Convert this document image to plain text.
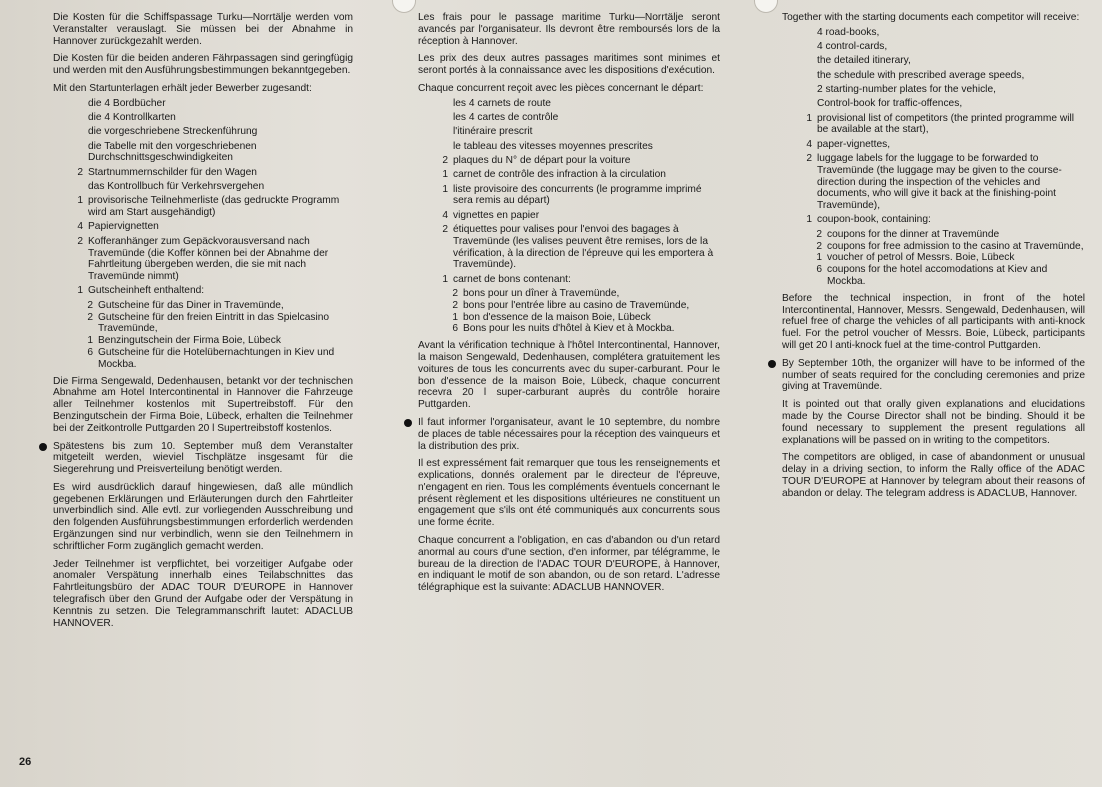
Die Kosten für die Schiffspassage Turku—Norrtälje werden vom Veranstalter verauslagt. Sie müssen bei der Abnahme in Hannover zurückgezahlt werden.

Die Kosten für die beiden anderen Fährpassagen sind geringfügig und werden mit den Ausführungsbestimmungen bekanntgegeben.

Mit den Startunterlagen erhält jeder Bewerber zugesandt:

die 4 Bordbücher
die 4 Kontrollkarten
die vorgeschriebene Streckenführung
die Tabelle mit den vorgeschriebenen Durchschnittsgeschwindigkeiten
2 Startnummernschilder für den Wagen
das Kontrollbuch für Verkehrsvergehen
1 provisorische Teilnehmerliste (das gedruckte Programm wird am Start ausgehändigt)
4 Papiervignetten
2 Kofferanhänger zum Gepäckvorausversand nach Travemünde (die Koffer können bei der Abnahme der Fahrtleitung übergeben werden, die sie mit nach Travemünde nimmt)
1 Gutscheinheft enthaltend:
2 Gutscheine für das Diner in Travemünde,
2 Gutscheine für den freien Eintritt in das Spielcasino Travemünde,
1 Benzingutschein der Firma Boie, Lübeck
6 Gutscheine für die Hotelübernachtungen in Kiev und Mockba.

Die Firma Sengewald, Dedenhausen, betankt vor der technischen Abnahme am Hotel Intercontinental in Hannover die Fahrzeuge aller Teilnehmer kostenlos mit Supertreibstoff. Für den Benzingutschein der Firma Boie, Lübeck, erhalten die Teilnehmer bei der Zeitkontrolle Puttgarden 20 l Supertreibstoff kostenlos.

Spätestens bis zum 10. September muß dem Veranstalter mitgeteilt werden, wieviel Tischplätze insgesamt für die Siegerehrung und Preisverteilung benötigt werden.

Es wird ausdrücklich darauf hingewiesen, daß alle mündlich gegebenen Erklärungen und Erläuterungen durch den Fahrtleiter unverbindlich sind. Alle evtl. zur vorliegenden Ausschreibung und den folgenden Ausführungsbestimmungen erforderlich werdenden Ergänzungen sind nur verbindlich, wenn sie den Teilnehmern in schriftlicher Form zugänglich gemacht werden.

Jeder Teilnehmer ist verpflichtet, bei vorzeitiger Aufgabe oder anomaler Verspätung innerhalb eines Teilabschnittes das Fahrtleitungsbüro der ADAC TOUR D'EUROPE in Hannover telegrafisch über den Grund der Aufgabe oder der Verspätung in Kenntnis zu setzen. Die Telegrammanschrift lautet: ADACLUB HANNOVER.

Les frais pour le passage maritime Turku—Norrtälje seront avancés par l'organisateur. Ils devront être remboursés lors de la réception à Hannover.

Les prix des deux autres passages maritimes sont minimes et seront portés à la connaissance avec les dispositions d'exécution.

Chaque concurrent reçoit avec les pièces concernant le départ:

les 4 carnets de route
les 4 cartes de contrôle
l'itinéraire prescrit
le tableau des vitesses moyennes prescrites
2 plaques du N° de départ pour la voiture
1 carnet de contrôle des infraction à la circulation
1 liste provisoire des concurrents (le programme imprimé sera remis au départ)
4 vignettes en papier
2 étiquettes pour valises pour l'envoi des bagages à Travemünde (les valises peuvent être remises, lors de la vérification, à la direction de l'épreuve qui les emportera à Travemünde).
1 carnet de bons contenant:
2 bons pour un dîner à Travemünde,
2 bons pour l'entrée libre au casino de Travemünde,
1 bon d'essence de la maison Boie, Lübeck
6 Bons pour les nuits d'hôtel à Kiev et à Mockba.

Avant la vérification technique à l'hôtel Intercontinental, Hannover, la maison Sengewald, Dedenhausen, complétera gratuitement les voitures de tous les concurrents avec du super-carburant. Pour le bon d'essence de la maison Boie, Lübeck, chaque concurrent recevra 20 l super-carburant auprès du contrôle horaire Puttgarden.

Il faut informer l'organisateur, avant le 10 septembre, du nombre de places de table nécessaires pour la réception des vainqueurs et la distribution des prix.

Il est expressément fait remarquer que tous les renseignements et explications, donnés oralement par le directeur de l'épreuve, n'engagent en rien. Tous les compléments éventuels concernant le présent règlement et les dispositions ultérieures ne constituent un engagement que s'ils ont été communiqués aux concurrents sous une forme écrite.

Chaque concurrent a l'obligation, en cas d'abandon ou d'un retard anormal au cours d'une section, d'en informer, par télégramme, le bureau de la direction de l'ADAC TOUR D'EUROPE, à Hannover, en indiquant le motif de son abandon, ou de son retard. L'adresse télégraphique est la suivante: ADACLUB HANNOVER.

Together with the starting documents each competitor will receive:

4 road-books,
4 control-cards,
the detailed itinerary,
the schedule with prescribed average speeds,
2 starting-number plates for the vehicle,
Control-book for traffic-offences,
1 provisional list of competitors (the printed programme will be available at the start),
4 paper-vignettes,
2 luggage labels for the luggage to be forwarded to Travemünde (the luggage may be given to the course-direction during the inspection of the vehicles and documents, who will give it back at the finishing-point Travemünde),
1 coupon-book, containing:
2 coupons for the dinner at Travemünde
2 coupons for free admission to the casino at Travemünde,
1 voucher of petrol of Messrs. Boie, Lübeck
6 coupons for the hotel accomodations at Kiev and Mockba.

Before the technical inspection, in front of the hotel Intercontinental, Hannover, Messrs. Sengewald, Dedenhausen, will refuel free of charge the vehicles of all participants with anti-knock fuel. For the petrol voucher of Messrs. Boie, Lübeck, participants will get 20 l anti-knock fuel at the time-control Puttgarden.

By September 10th, the organizer will have to be informed of the number of seats required for the concluding ceremonies and prize giving at Travemünde.

It is pointed out that orally given explanations and elucidations made by the Course Director shall not be binding. Should it be found necessary to supplement the present regulations all explanations will be passed on in writing to the competitors.

The competitors are obliged, in case of abandonment or unusual delay in a driving section, to inform the Rally office of the ADAC TOUR D'EUROPE at Hannover by telegram about their reasons of abandon or delay. The telegram address is ADACLUB, Hannover.

26
